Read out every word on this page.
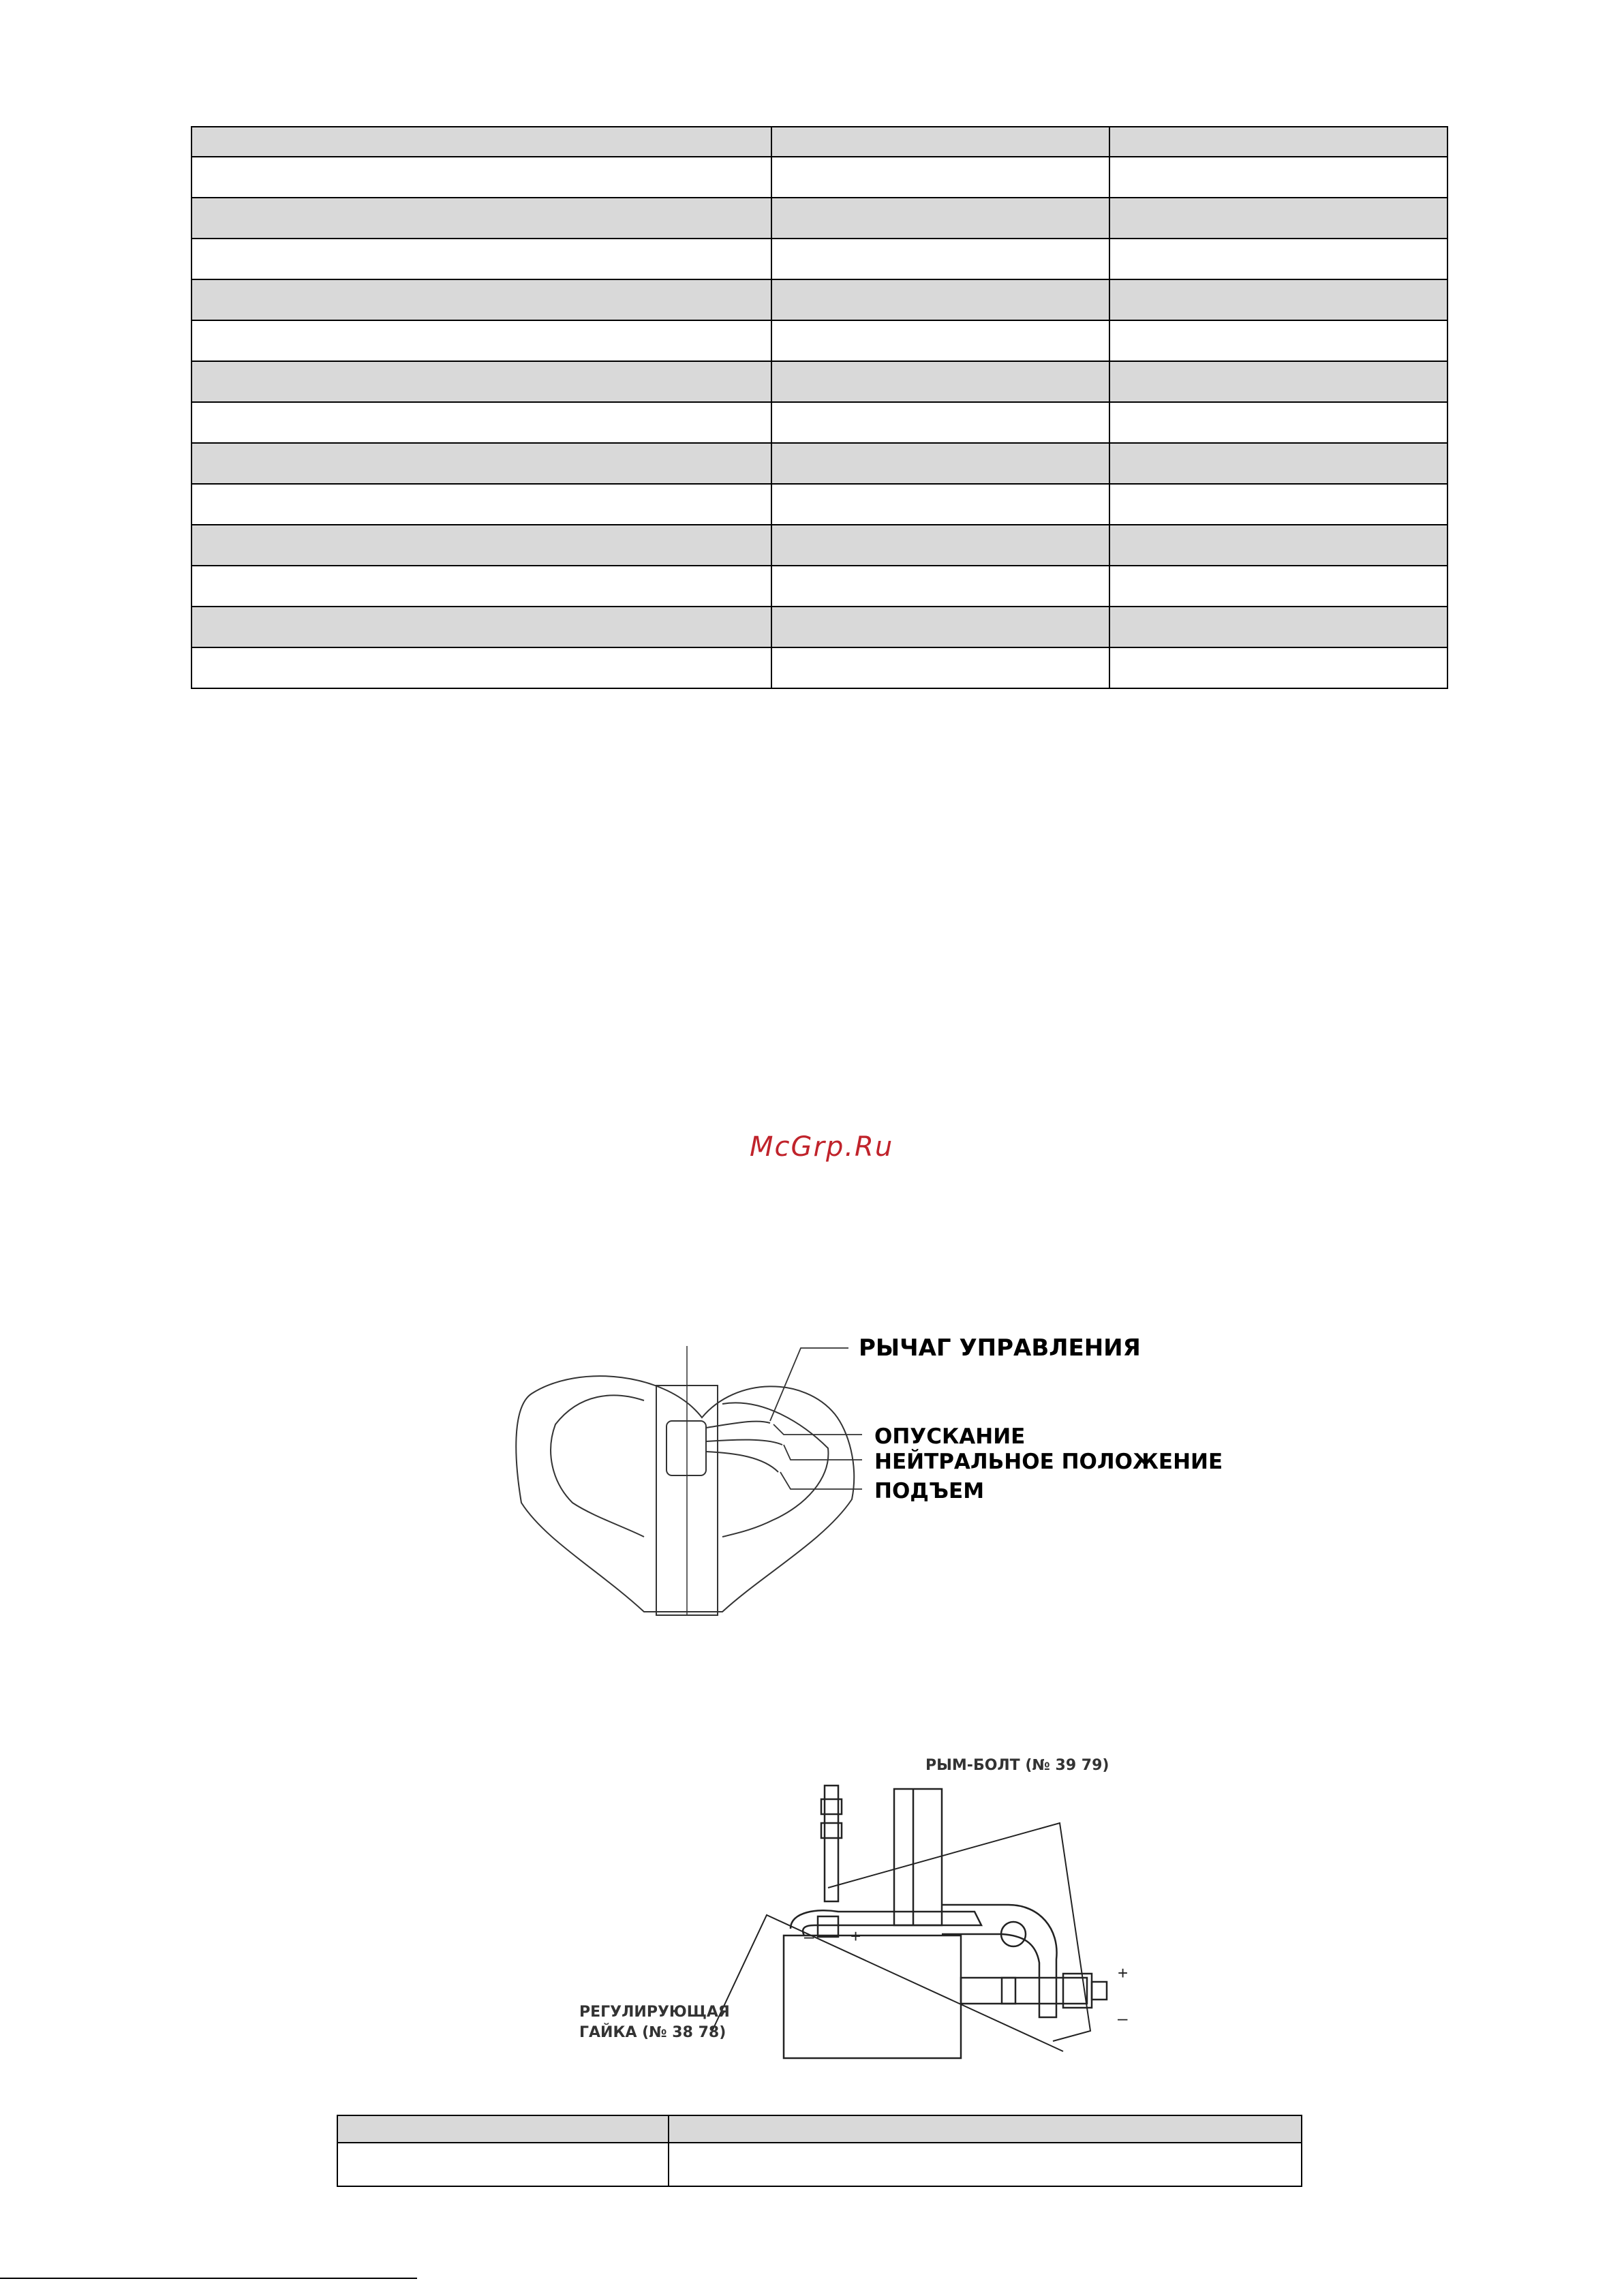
McGrp.Ru
РЫЧАГ УПРАВЛЕНИЯ
ОПУСКАНИЕ
НЕЙТРАЛЬНОЕ ПОЛОЖЕНИЕ
ПОДЪЕМ
РЫМ-БОЛТ (№ 39 79)
РЕГУЛИРУЮЩАЯ
ГАЙКА (№ 38 78)
– +
+
–
